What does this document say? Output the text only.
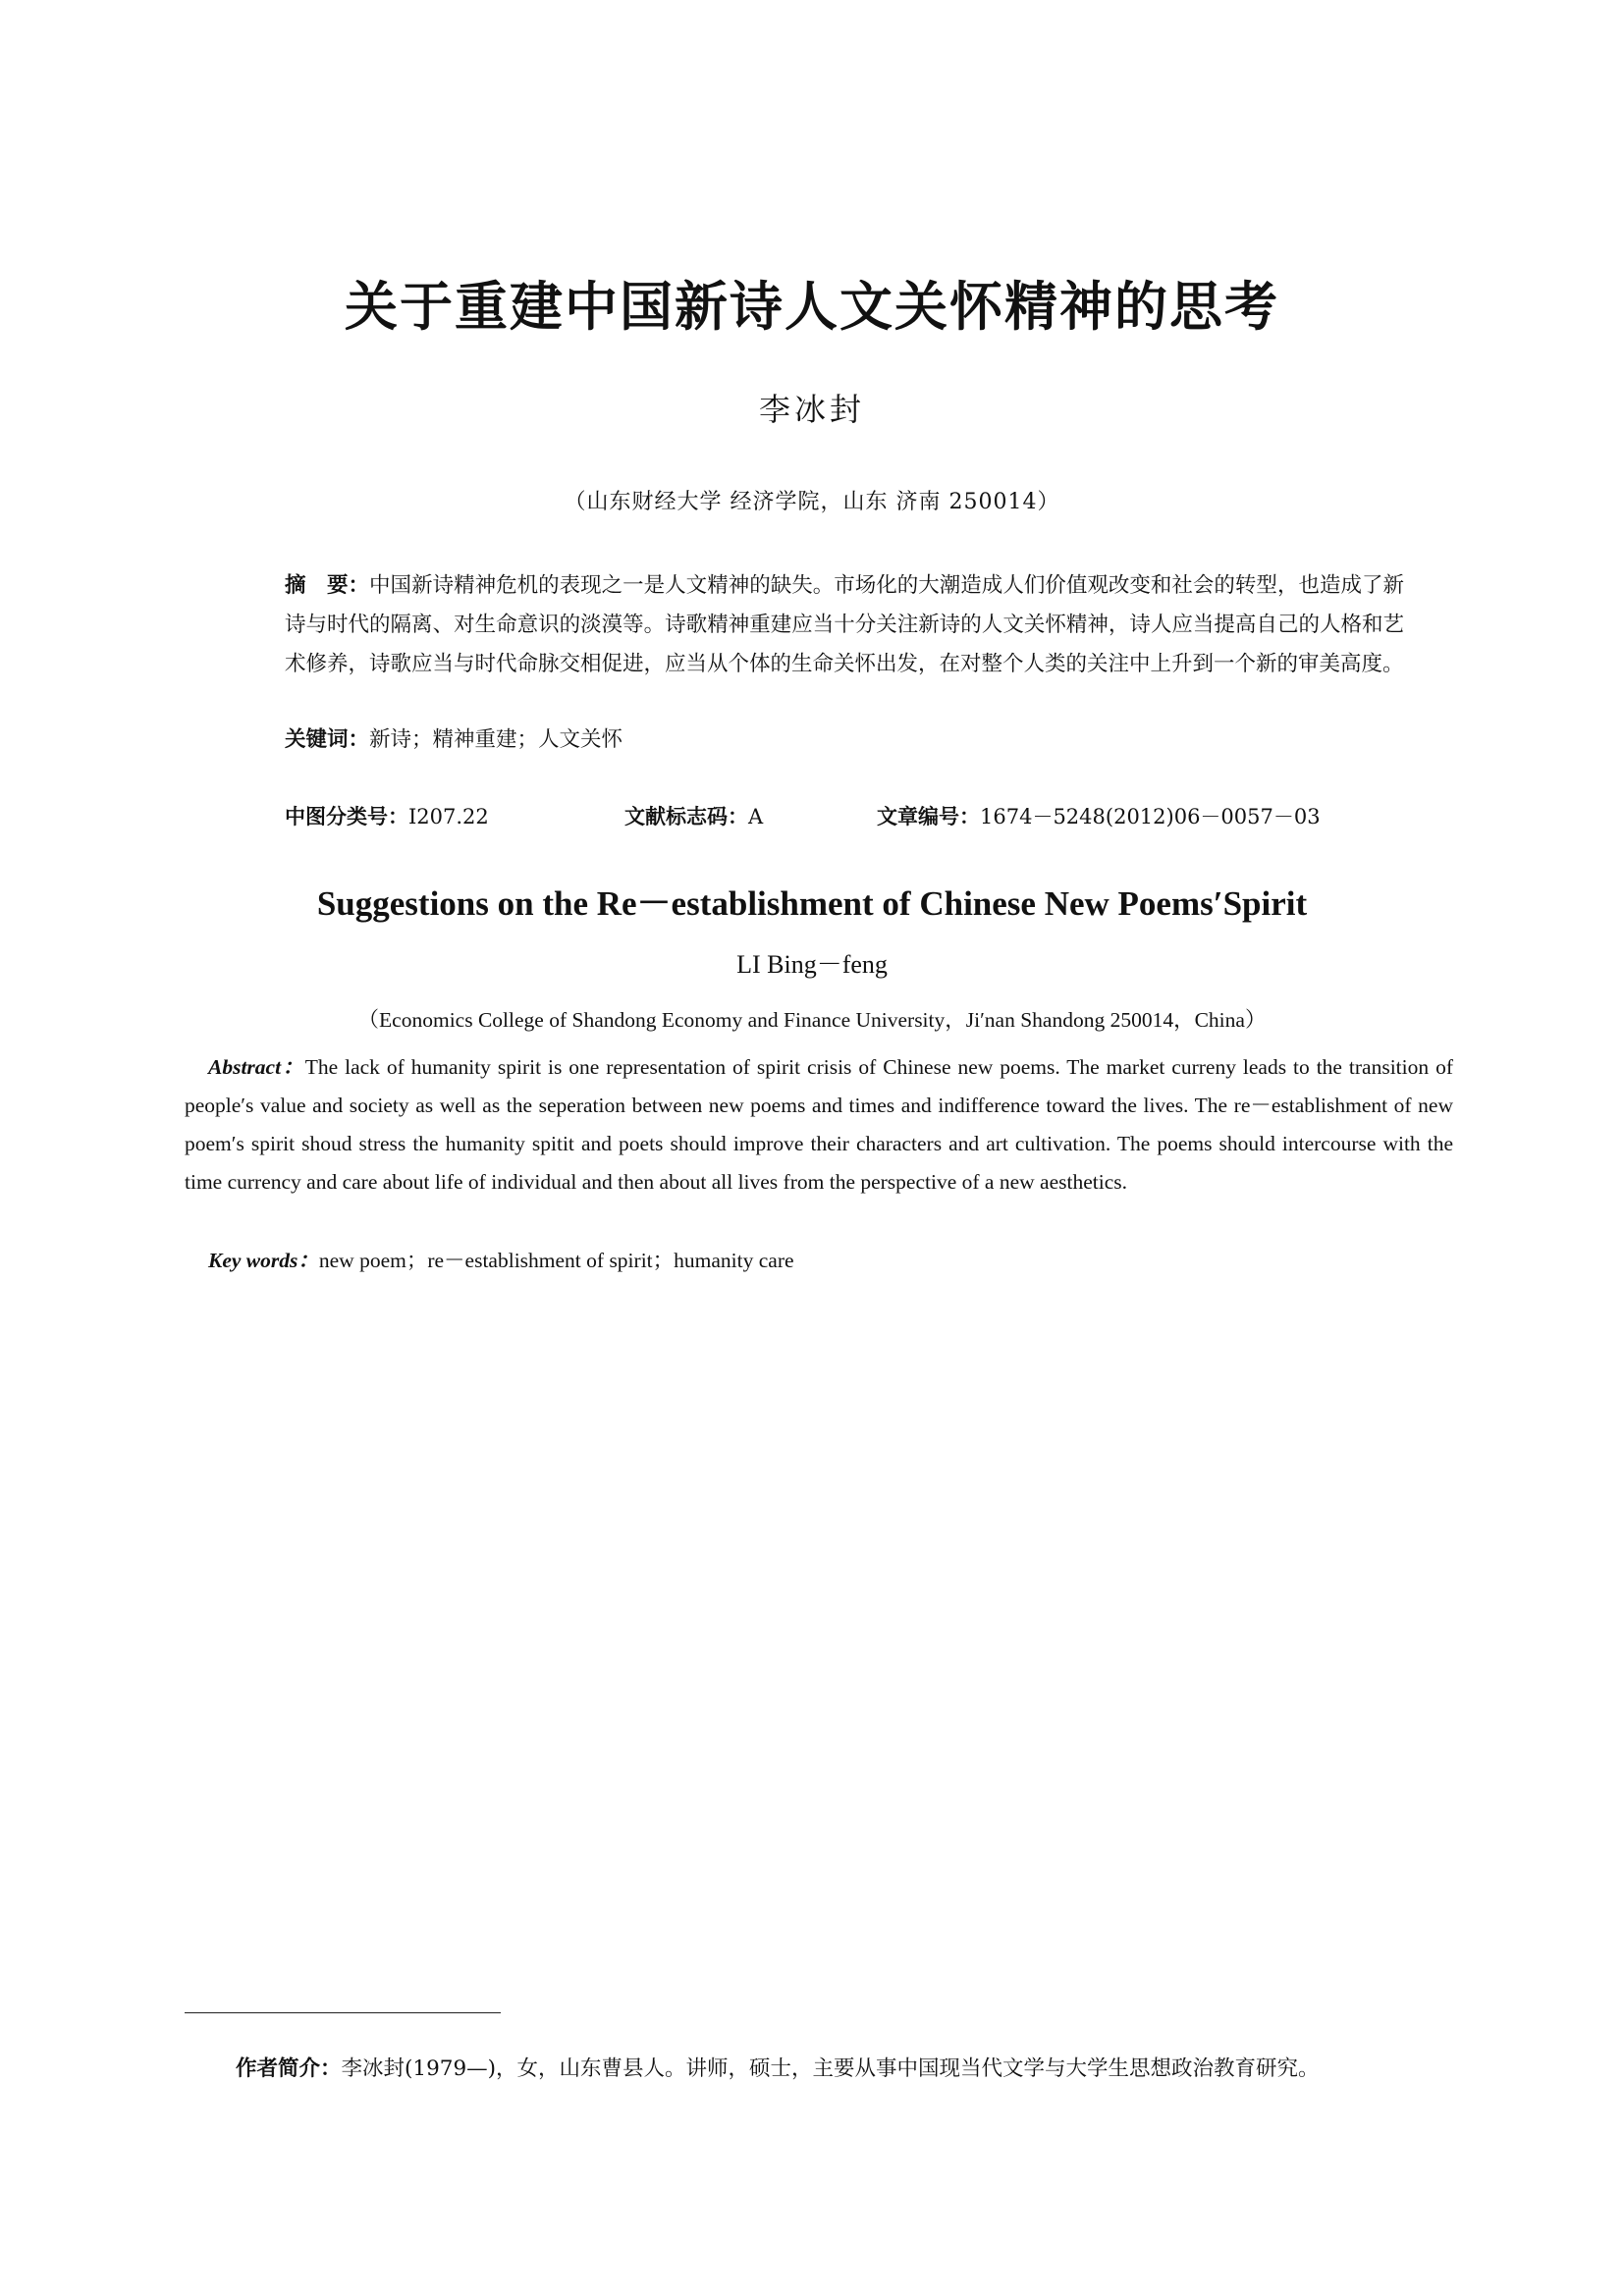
关于重建中国新诗人文关怀精神的思考
李冰封
（山东财经大学 经济学院，山东 济南 250014）
摘　要：中国新诗精神危机的表现之一是人文精神的缺失。市场化的大潮造成人们价值观改变和社会的转型，也造成了新诗与时代的隔离、对生命意识的淡漠等。诗歌精神重建应当十分关注新诗的人文关怀精神，诗人应当提高自己的人格和艺术修养，诗歌应当与时代命脉交相促进，应当从个体的生命关怀出发，在对整个人类的关注中上升到一个新的审美高度。
关键词：新诗；精神重建；人文关怀
中图分类号：I207.22	文献标志码：A	文章编号：1674－5248(2012)06－0057－03
Suggestions on the Re－establishment of Chinese New Poems′Spirit
LI Bing－feng
（Economics College of Shandong Economy and Finance University，Ji′nan Shandong 250014，China）
Abstract：The lack of humanity spirit is one representation of spirit crisis of Chinese new poems. The market curreny leads to the transition of people′s value and society as well as the seperation between new poems and times and indifference toward the lives. The re－establishment of new poem′s spirit shoud stress the humanity spitit and poets should improve their characters and art cultivation. The poems should intercourse with the time currency and care about life of individual and then about all lives from the perspective of a new aesthetics.
Key words：new poem；re－establishment of spirit；humanity care
作者简介：李冰封(1979—)，女，山东曹县人。讲师，硕士，主要从事中国现当代文学与大学生思想政治教育研究。
